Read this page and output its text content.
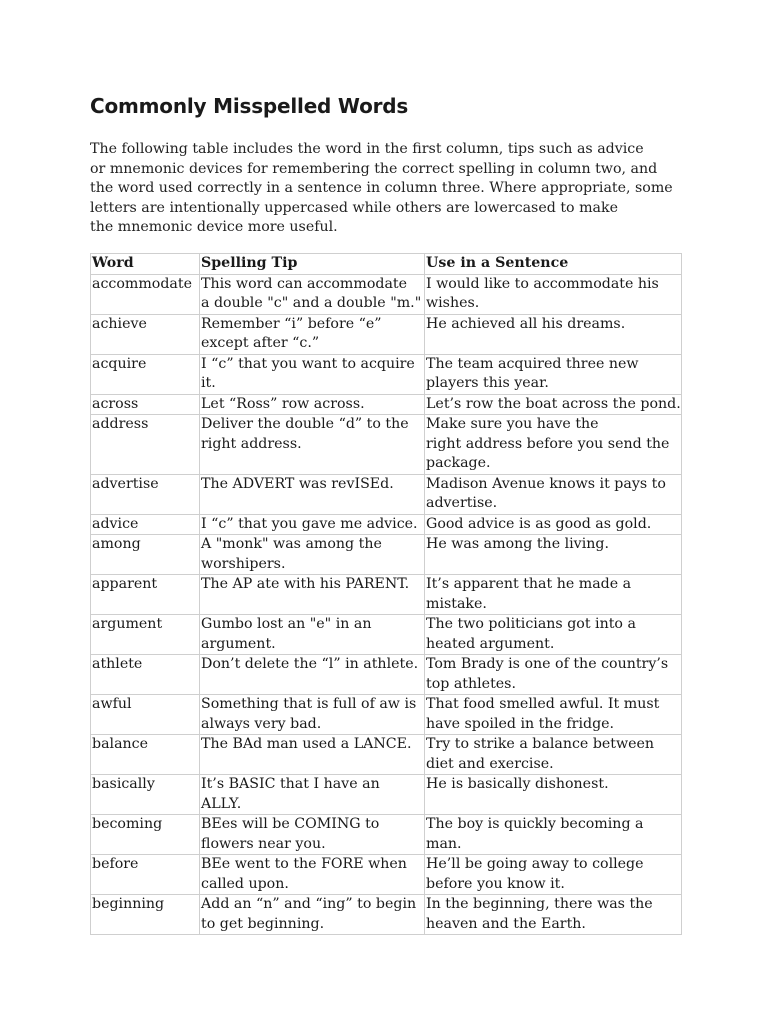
Commonly Misspelled Words
The following table includes the word in the first column, tips such as advice
or mnemonic devices for remembering the correct spelling in column two, and
the word used correctly in a sentence in column three. Where appropriate, some
letters are intentionally uppercased while others are lowercased to make
the mnemonic device more useful.
Word	Spelling Tip	Use in a Sentence
accommodate	This word can accommodate
a double "c" and a double "m."	I would like to accommodate his
wishes.

achieve	Remember “i” before “e”
except after “c.”	He achieved all his dreams.

acquire	I “c” that you want to acquire
it.	The team acquired three new
players this year.

across	Let “Ross” row across.	Let’s row the boat across the pond.

address	Deliver the double “d” to the
right address.	Make sure you have the
right address before you send the
package.

advertise	The ADVERT was revISEd.	Madison Avenue knows it pays to
advertise.

advice	I “c” that you gave me advice.	Good advice is as good as gold.

among	A "monk" was among the
worshipers.	He was among the living.

apparent	The AP ate with his PARENT.	It’s apparent that he made a
mistake.

argument	Gumbo lost an "e" in an
argument.	The two politicians got into a
heated argument.

athlete	Don’t delete the “l” in athlete.	Tom Brady is one of the country’s
top athletes.

awful	Something that is full of aw is
always very bad.	That food smelled awful. It must
have spoiled in the fridge.

balance	The BAd man used a LANCE.	Try to strike a balance between
diet and exercise.

basically	It’s BASIC that I have an
ALLY.	He is basically dishonest.

becoming	BEes will be COMING to
flowers near you.	The boy is quickly becoming a
man.

before	BEe went to the FORE when
called upon.	He’ll be going away to college
before you know it.

beginning	Add an “n” and “ing” to begin
to get beginning.	In the beginning, there was the
heaven and the Earth.
